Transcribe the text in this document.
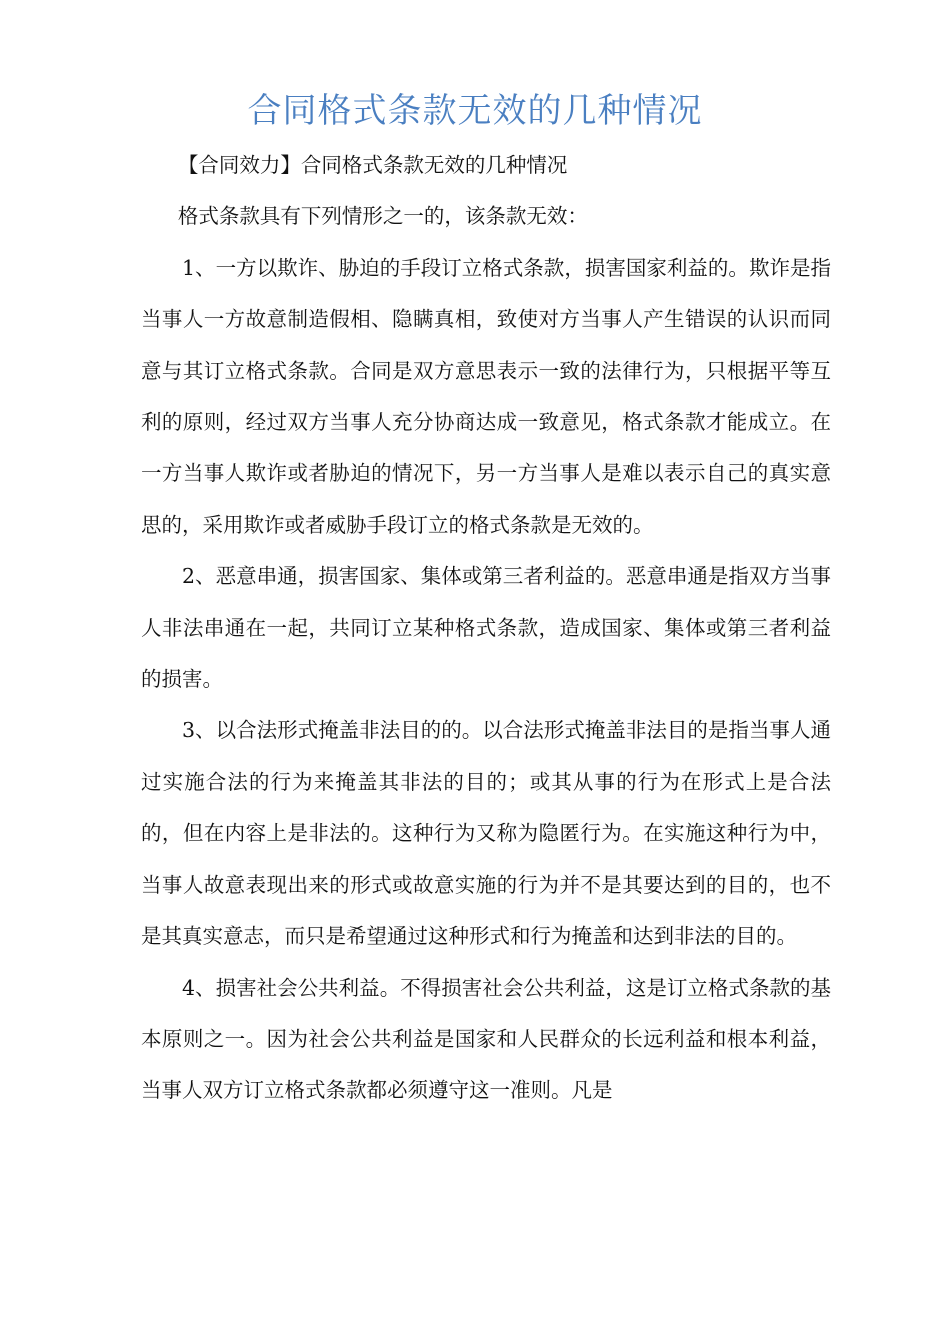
合同格式条款无效的几种情况

【合同效力】合同格式条款无效的几种情况

格式条款具有下列情形之一的，该条款无效：

1、一方以欺诈、胁迫的手段订立格式条款，损害国家利益的。欺诈是指当事人一方故意制造假相、隐瞒真相，致使对方当事人产生错误的认识而同意与其订立格式条款。合同是双方意思表示一致的法律行为，只根据平等互利的原则，经过双方当事人充分协商达成一致意见，格式条款才能成立。在一方当事人欺诈或者胁迫的情况下，另一方当事人是难以表示自己的真实意思的，采用欺诈或者威胁手段订立的格式条款是无效的。

2、恶意串通，损害国家、集体或第三者利益的。恶意串通是指双方当事人非法串通在一起，共同订立某种格式条款，造成国家、集体或第三者利益的损害。

3、以合法形式掩盖非法目的的。以合法形式掩盖非法目的是指当事人通过实施合法的行为来掩盖其非法的目的；或其从事的行为在形式上是合法的，但在内容上是非法的。这种行为又称为隐匿行为。在实施这种行为中，当事人故意表现出来的形式或故意实施的行为并不是其要达到的目的，也不是其真实意志，而只是希望通过这种形式和行为掩盖和达到非法的目的。

4、损害社会公共利益。不得损害社会公共利益，这是订立格式条款的基本原则之一。因为社会公共利益是国家和人民群众的长远利益和根本利益，当事人双方订立格式条款都必须遵守这一准则。凡是
